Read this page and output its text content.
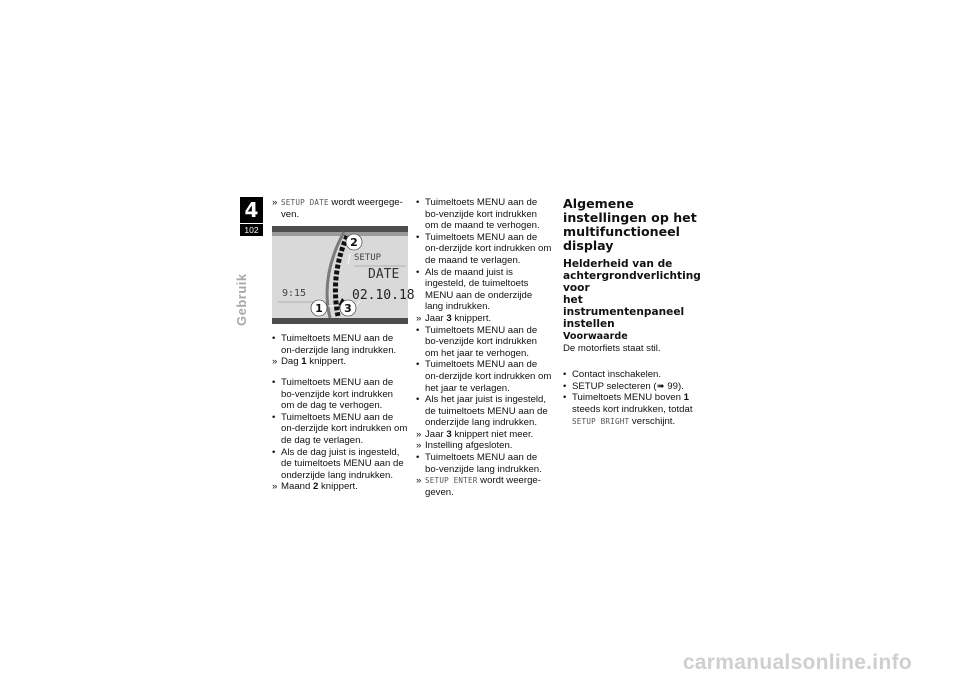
4
102
Gebruik
» SETUP DATE wordt weergege-ven.
SETUP
DATE
9:15	02.10.18
2
1 3
• Tuimeltoets MENU aan de on-derzijde lang indrukken.
» Dag 1 knippert.
• Tuimeltoets MENU aan de bo-venzijde kort indrukken om de dag te verhogen.
• Tuimeltoets MENU aan de on-derzijde kort indrukken om de dag te verlagen.
• Als de dag juist is ingesteld, de tuimeltoets MENU aan de onderzijde lang indrukken.
» Maand 2 knippert.
• Tuimeltoets MENU aan de bo-venzijde kort indrukken om de maand te verhogen.
• Tuimeltoets MENU aan de on-derzijde kort indrukken om de maand te verlagen.
• Als de maand juist is ingesteld, de tuimeltoets MENU aan de onderzijde lang indrukken.
» Jaar 3 knippert.
• Tuimeltoets MENU aan de bo-venzijde kort indrukken om het jaar te verhogen.
• Tuimeltoets MENU aan de on-derzijde kort indrukken om het jaar te verlagen.
• Als het jaar juist is ingesteld, de tuimeltoets MENU aan de onderzijde lang indrukken.
» Jaar 3 knippert niet meer.
» Instelling afgesloten.
• Tuimeltoets MENU aan de bo-venzijde lang indrukken.
» SETUP ENTER wordt weerge-geven.
Algemene instellingen op het multifunctioneel display
Helderheid van de
achtergrondverlichting
voor
het instrumentenpaneel
instellen
Voorwaarde
De motorfiets staat stil.
• Contact inschakelen.
• SETUP selecteren (➠ 99).
• Tuimeltoets MENU boven 1 steeds kort indrukken, totdat SETUP BRIGHT verschijnt.
carmanualsonline.info
